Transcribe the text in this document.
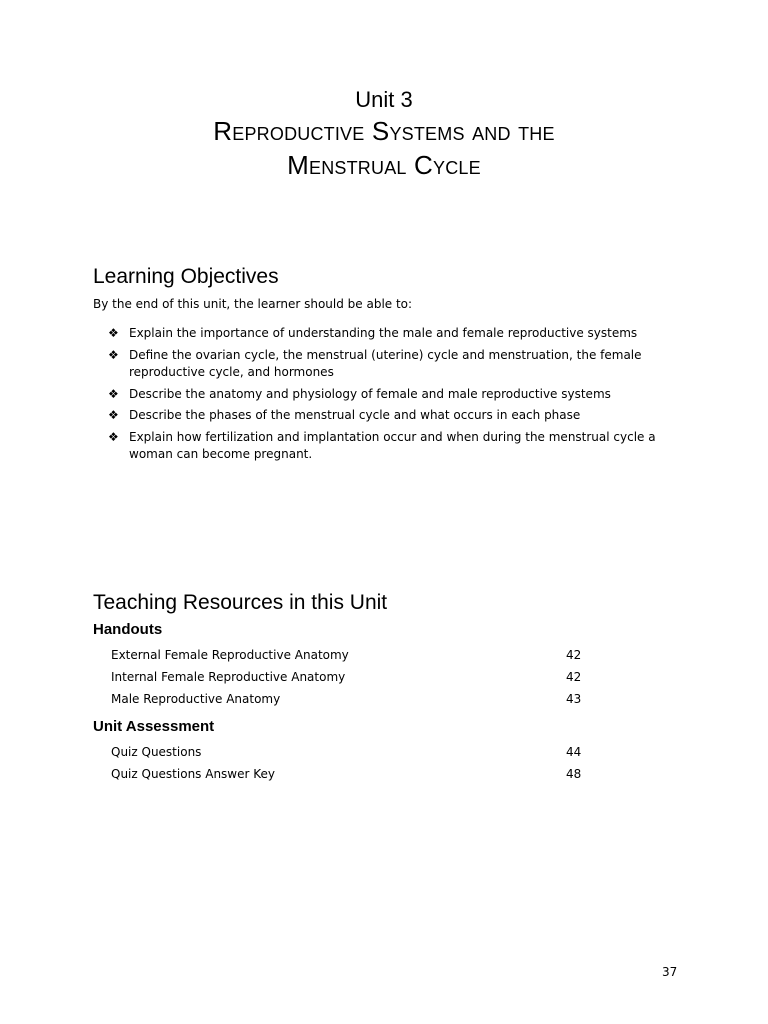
Unit 3
Reproductive Systems and the
Menstrual Cycle
Learning Objectives
By the end of this unit, the learner should be able to:
❖ Explain the importance of understanding the male and female reproductive systems
❖ Define the ovarian cycle, the menstrual (uterine) cycle and menstruation, the female reproductive cycle, and hormones
❖ Describe the anatomy and physiology of female and male reproductive systems
❖ Describe the phases of the menstrual cycle and what occurs in each phase
❖ Explain how fertilization and implantation occur and when during the menstrual cycle a woman can become pregnant.
Teaching Resources in this Unit
Handouts
External Female Reproductive Anatomy	42
Internal Female Reproductive Anatomy	42
Male Reproductive Anatomy	43
Unit Assessment
Quiz Questions	44
Quiz Questions Answer Key	48
37
